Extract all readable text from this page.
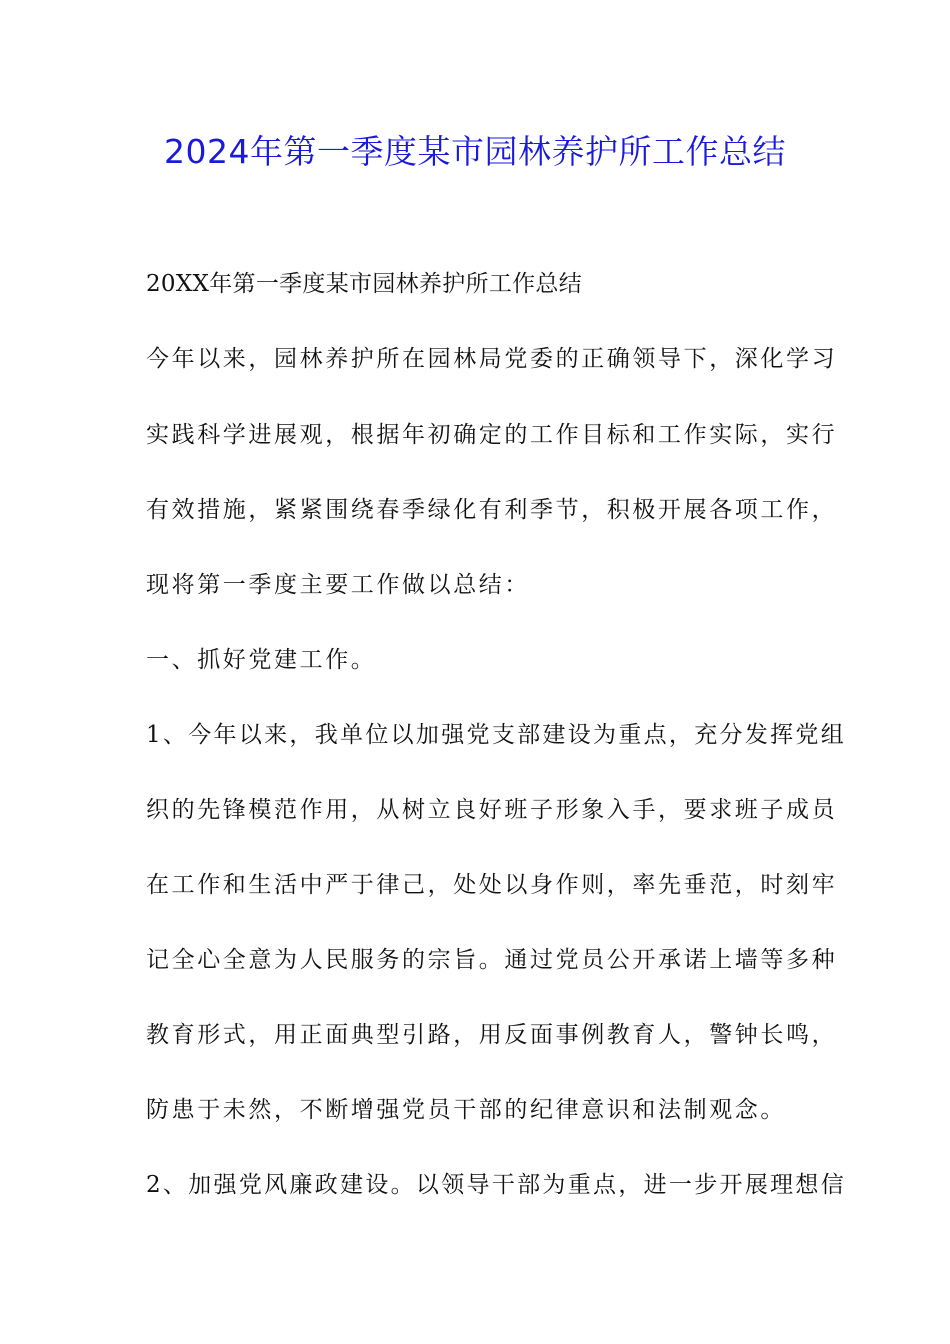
2024年第一季度某市园林养护所工作总结
20XX年第一季度某市园林养护所工作总结
今年以来，园林养护所在园林局党委的正确领导下，深化学习
实践科学进展观，根据年初确定的工作目标和工作实际，实行
有效措施，紧紧围绕春季绿化有利季节，积极开展各项工作，
现将第一季度主要工作做以总结：
一、抓好党建工作。
1、今年以来，我单位以加强党支部建设为重点，充分发挥党组
织的先锋模范作用，从树立良好班子形象入手，要求班子成员
在工作和生活中严于律己，处处以身作则，率先垂范，时刻牢
记全心全意为人民服务的宗旨。通过党员公开承诺上墙等多种
教育形式，用正面典型引路，用反面事例教育人，警钟长鸣，
防患于未然，不断增强党员干部的纪律意识和法制观念。
2、加强党风廉政建设。以领导干部为重点，进一步开展理想信
